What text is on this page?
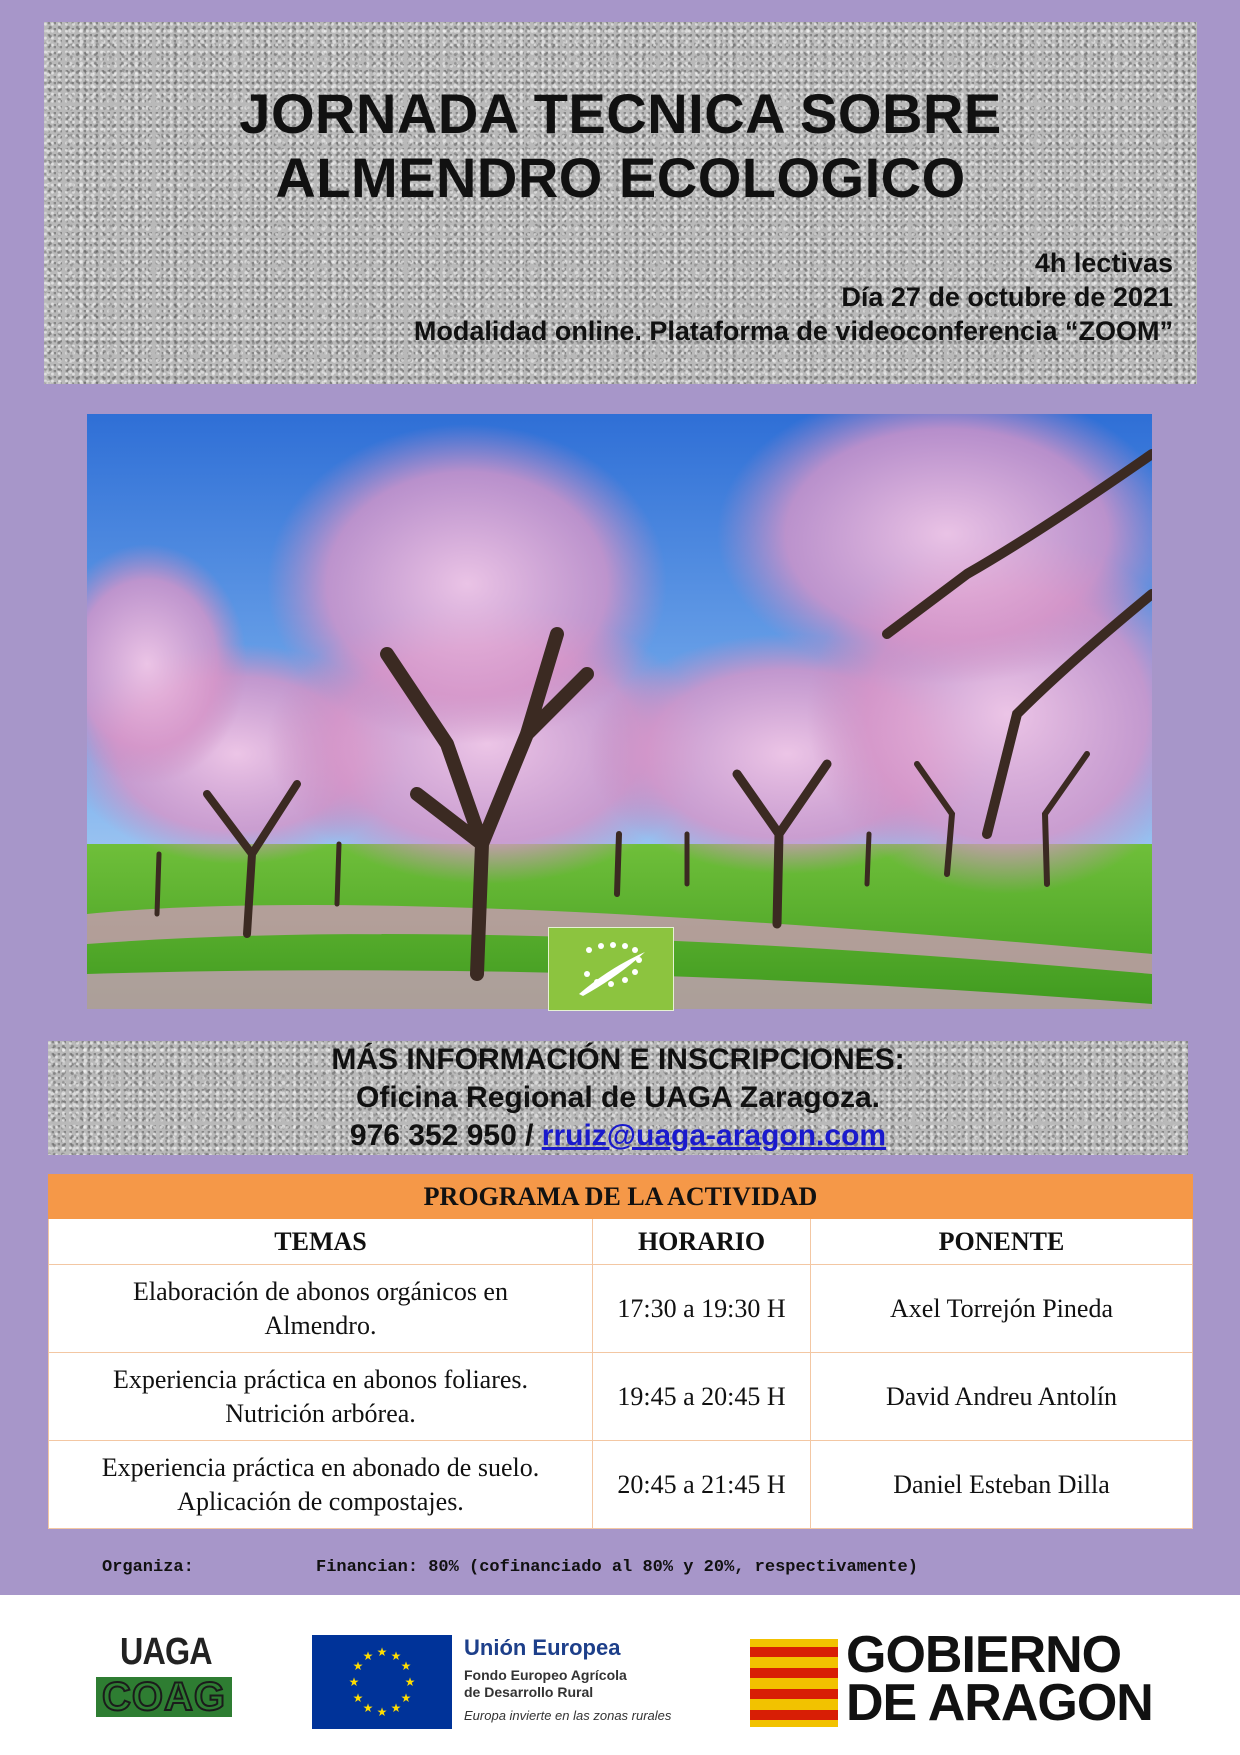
JORNADA TECNICA SOBRE
ALMENDRO ECOLOGICO
4h lectivas
Día 27 de octubre de 2021
Modalidad online. Plataforma de videoconferencia “ZOOM”
MÁS INFORMACIÓN E INSCRIPCIONES:
Oficina Regional de UAGA Zaragoza.
976 352 950 / rruiz@uaga-aragon.com
PROGRAMA DE LA ACTIVIDAD		
TEMAS	HORARIO	PONENTE
Elaboración de abonos orgánicos en
Almendro.	17:30 a 19:30 H	Axel Torrejón Pineda
Experiencia práctica en abonos foliares.
Nutrición arbórea.	19:45 a 20:45 H	David Andreu Antolín
Experiencia práctica en abonado de suelo.
Aplicación de compostajes.	20:45 a 21:45 H	Daniel Esteban Dilla
Organiza:	Financian: 80% (cofinanciado al 80% y 20%, respectivamente)
UAGA
COAG
★ ★
★
★
★
★
★
★
★
★
★
★	Unión Europea
Fondo Europeo Agrícola
de Desarrollo Rural
Europa invierte en las zonas rurales
GOBIERNO
DE ARAGON
